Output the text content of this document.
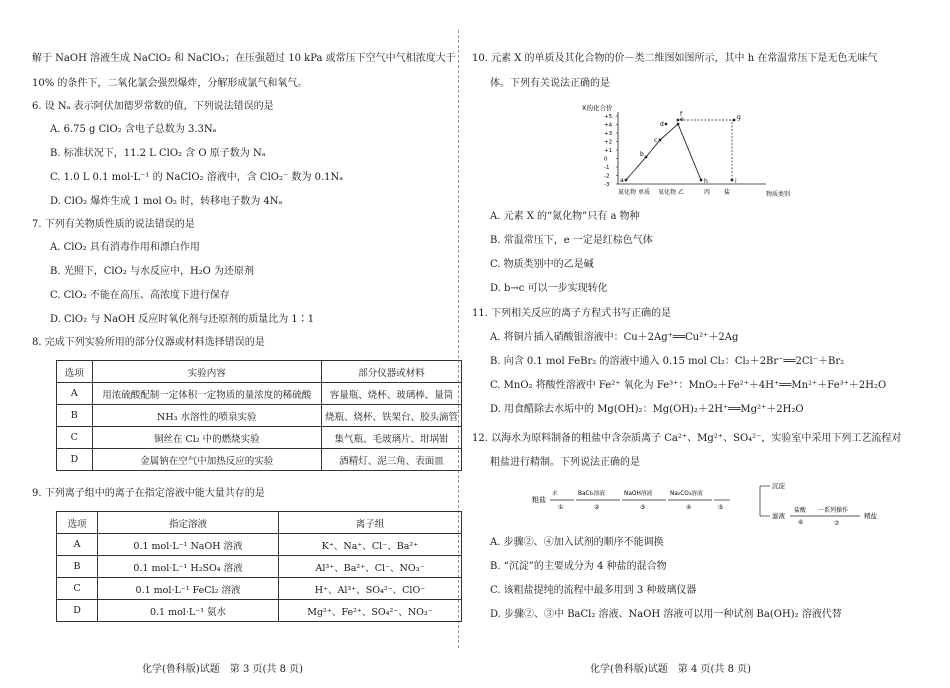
解于 NaOH 溶液生成 NaClO₂ 和 NaClO₃；在压强超过 10 kPa 或常压下空气中气相浓度大于
10% 的条件下，二氧化氯会强烈爆炸，分解形成氯气和氧气。
6. 设 Nₐ 表示阿伏加德罗常数的值，下列说法错误的是
A. 6.75 g ClO₂ 含电子总数为 3.3Nₐ
B. 标准状况下，11.2 L ClO₂ 含 O 原子数为 Nₐ
C. 1.0 L 0.1 mol·L⁻¹ 的 NaClO₂ 溶液中，含 ClO₂⁻ 数为 0.1Nₐ
D. ClO₂ 爆炸生成 1 mol O₂ 时，转移电子数为 4Nₐ
7. 下列有关物质性质的说法错误的是
A. ClO₂ 具有消毒作用和漂白作用
B. 光照下，ClO₂ 与水反应中，H₂O 为还原剂
C. ClO₂ 不能在高压、高浓度下进行保存
D. ClO₂ 与 NaOH 反应时氧化剂与还原剂的质量比为 1∶1
8. 完成下列实验所用的部分仪器或材料选择错误的是
选项	实验内容	部分仪器或材料
A	用浓硫酸配制一定体积一定物质的量浓度的稀硫酸	容量瓶、烧杯、玻璃棒、量筒
B	NH₃ 水溶性的喷泉实验	烧瓶、烧杯、铁架台、胶头滴管
C	铜丝在 Cl₂ 中的燃烧实验	集气瓶、毛玻璃片、坩埚钳
D	金属钠在空气中加热反应的实验	酒精灯、泥三角、表面皿
9. 下列离子组中的离子在指定溶液中能大量共存的是
选项	指定溶液	离子组
A	0.1 mol·L⁻¹ NaOH 溶液	K⁺、Na⁺、Cl⁻、Ba²⁺
B	0.1 mol·L⁻¹ H₂SO₄ 溶液	Al³⁺、Ba²⁺、Cl⁻、NO₃⁻
C	0.1 mol·L⁻¹ FeCl₂ 溶液	H⁺、Al³⁺、SO₄²⁻、ClO⁻
D	0.1 mol·L⁻¹ 氨水	Mg²⁺、Fe²⁺、SO₄²⁻、NO₃⁻
化学(鲁科版)试题　第 3 页(共 8 页)
10. 元素 X 的单质及其化合物的价－类二维图如图所示，其中 h 在常温常压下是无色无味气
体。下列有关说法正确的是
X的化合价
+5
+4
+3
+2
+1
0
-1
-2
-3
氮化物 单质 氧化物 乙	丙 盐	物质类别
a
b
c
d
e
f	g
h	i
A. 元素 X 的“氮化物”只有 a 物种
B. 常温常压下，e 一定是红棕色气体
C. 物质类别中的乙是碱
D. b→c 可以一步实现转化
11. 下列相关反应的离子方程式书写正确的是
A. 将铜片插入硝酸银溶液中：Cu＋2Ag⁺══Cu²⁺＋2Ag
B. 向含 0.1 mol FeBr₂ 的溶液中通入 0.15 mol Cl₂：Cl₂＋2Br⁻══2Cl⁻＋Br₂
C. MnO₂ 将酸性溶液中 Fe²⁺ 氧化为 Fe³⁺：MnO₂＋Fe²⁺＋4H⁺══Mn²⁺＋Fe³⁺＋2H₂O
D. 用食醋除去水垢中的 Mg(OH)₂：Mg(OH)₂＋2H⁺══Mg²⁺＋2H₂O
12. 以海水为原料制备的粗盐中含杂质离子 Ca²⁺、Mg²⁺、SO₄²⁻，实验室中采用下列工艺流程对
粗盐进行精制。下列说法正确的是
粗盐
水
①
BaCl₂溶液
②
NaOH溶液
③
Na₂CO₃溶液
④	⑤
沉淀
滤液
盐酸
⑥
一系列操作
⑦
精盐
A. 步骤②、④加入试剂的顺序不能调换
B. “沉淀”的主要成分为 4 种盐的混合物
C. 该粗盐提纯的流程中最多用到 3 种玻璃仪器
D. 步骤②、③中 BaCl₂ 溶液、NaOH 溶液可以用一种试剂 Ba(OH)₂ 溶液代替
化学(鲁科版)试题　第 4 页(共 8 页)
